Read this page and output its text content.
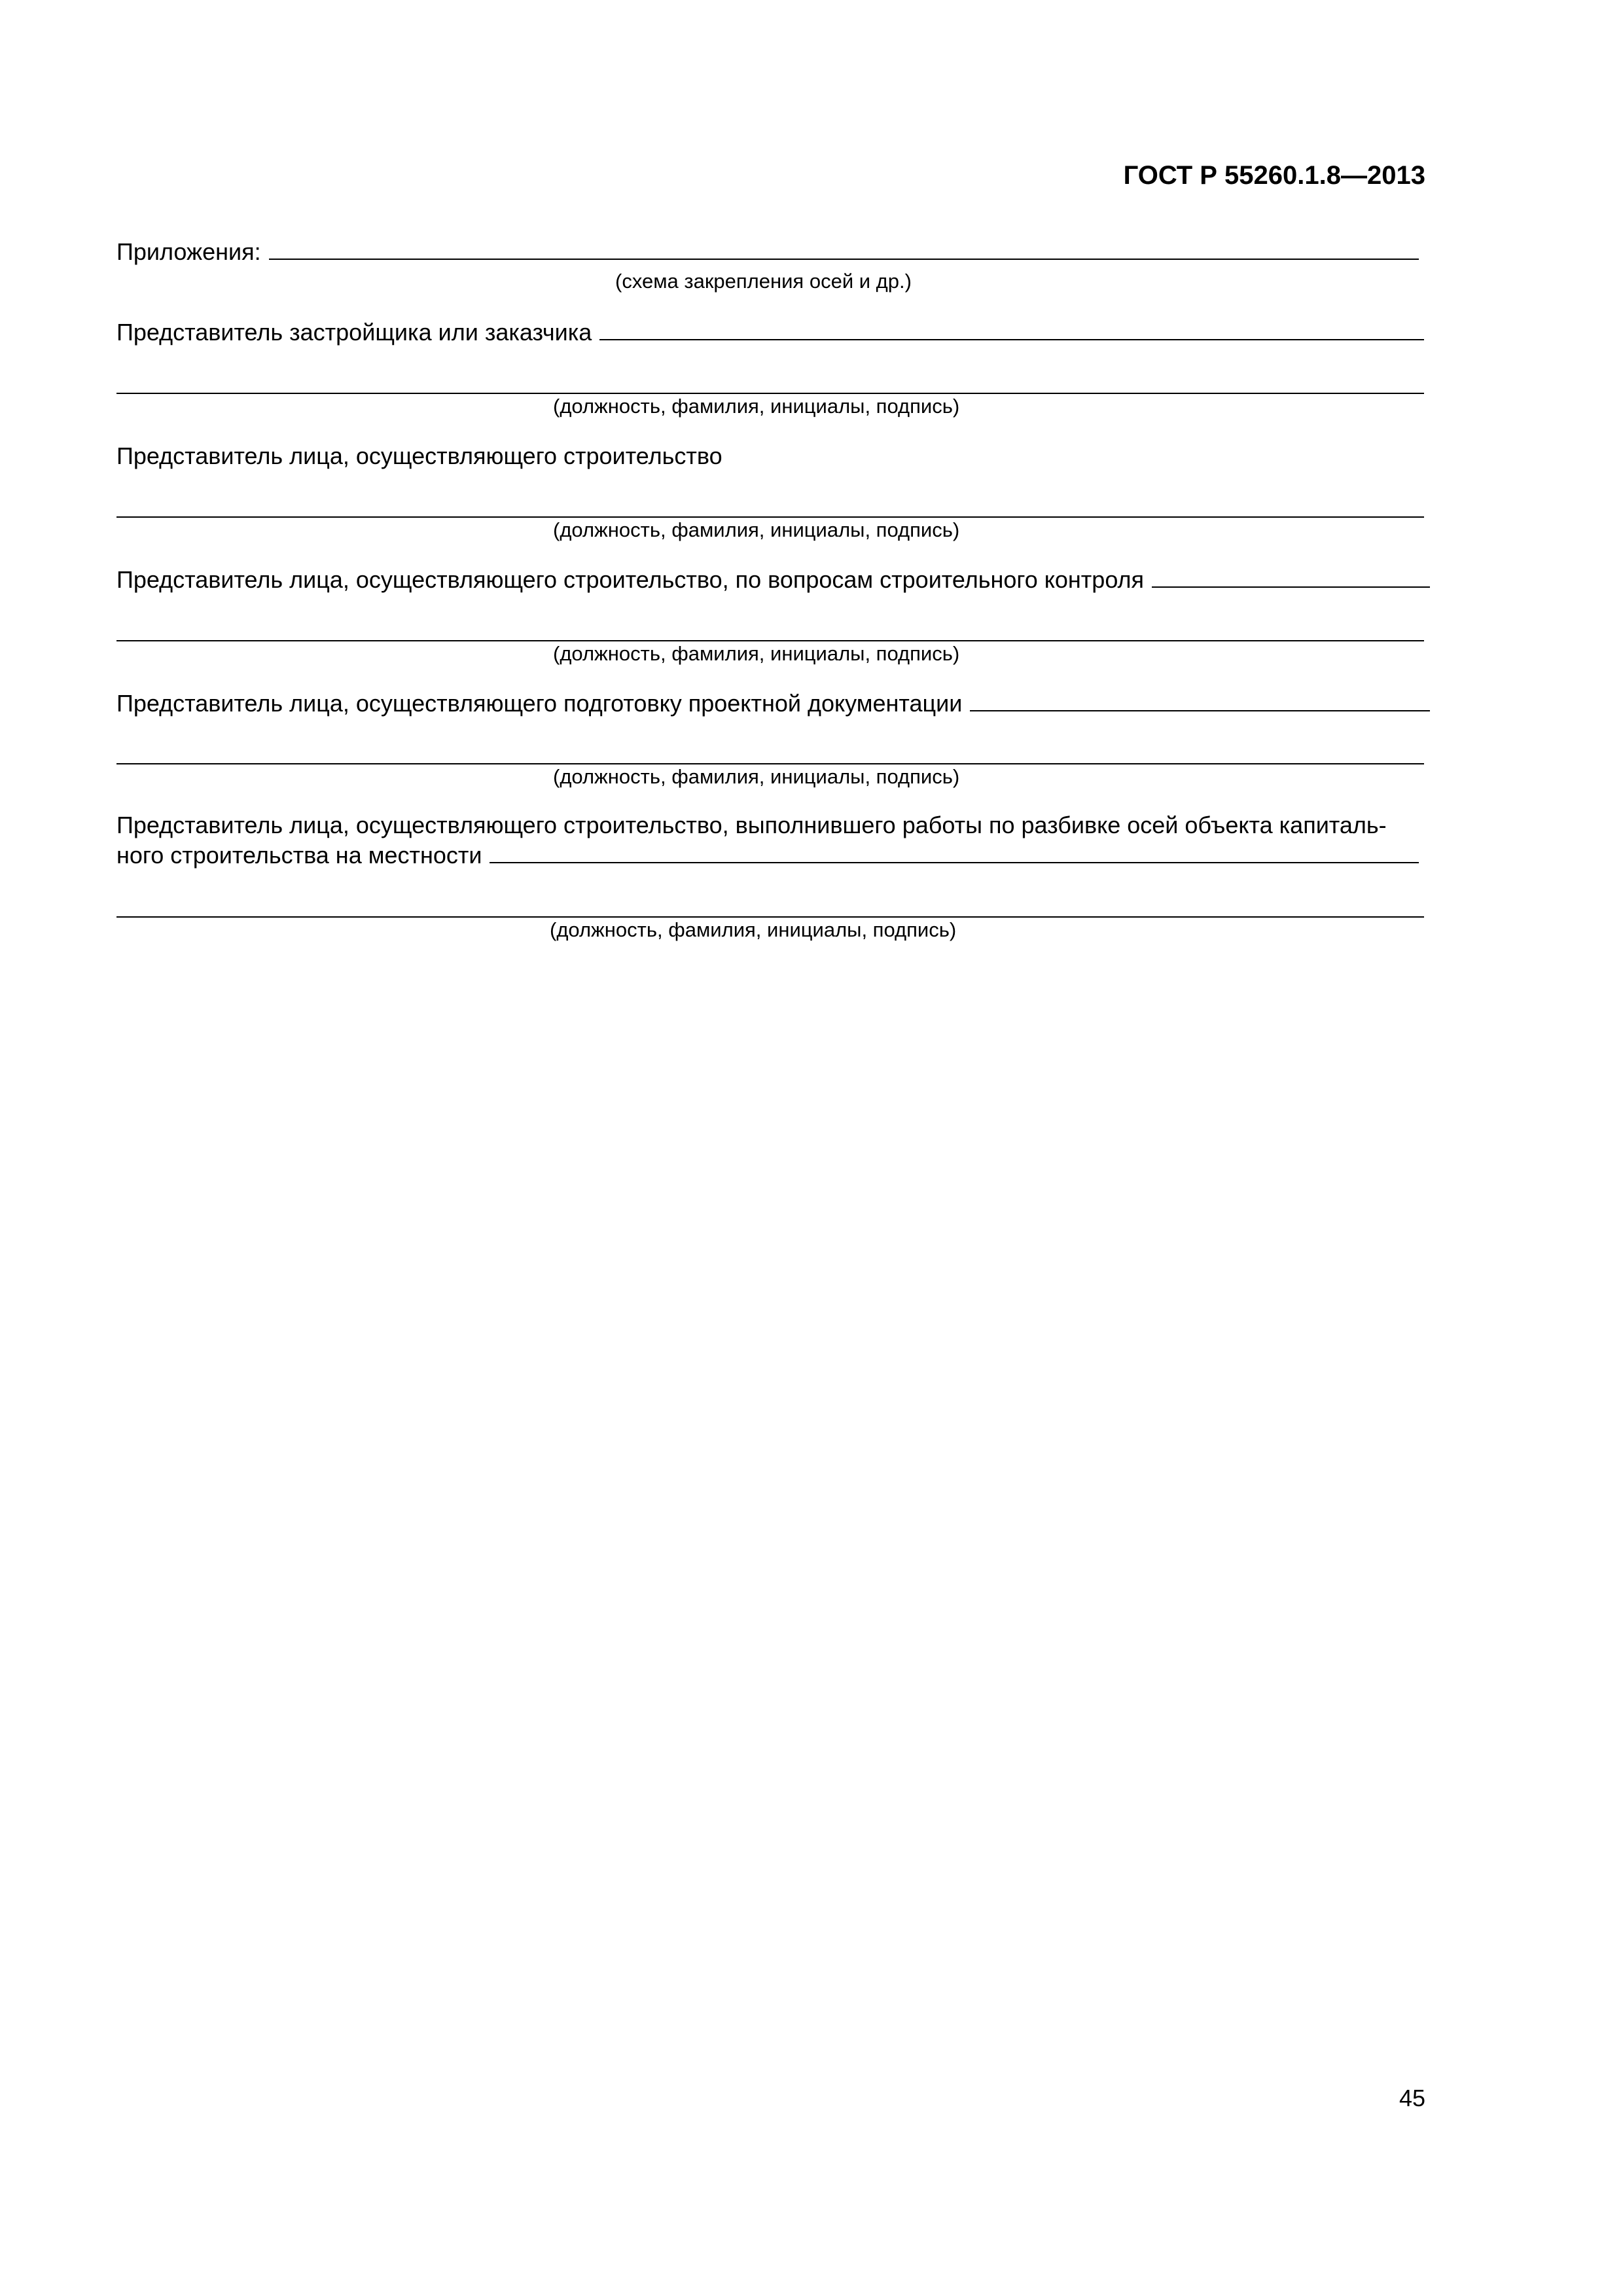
ГОСТ Р 55260.1.8—2013
Приложения:
(схема закрепления осей и др.)
Представитель застройщика или заказчика
(должность, фамилия, инициалы, подпись)
Представитель лица, осуществляющего строительство
(должность, фамилия, инициалы, подпись)
Представитель лица, осуществляющего строительство, по вопросам строительного контроля
(должность, фамилия, инициалы, подпись)
Представитель лица, осуществляющего подготовку проектной документации
(должность, фамилия, инициалы, подпись)
Представитель лица, осуществляющего строительство, выполнившего работы по разбивке осей объекта капиталь-
ного строительства на местности
(должность, фамилия, инициалы, подпись)
45
